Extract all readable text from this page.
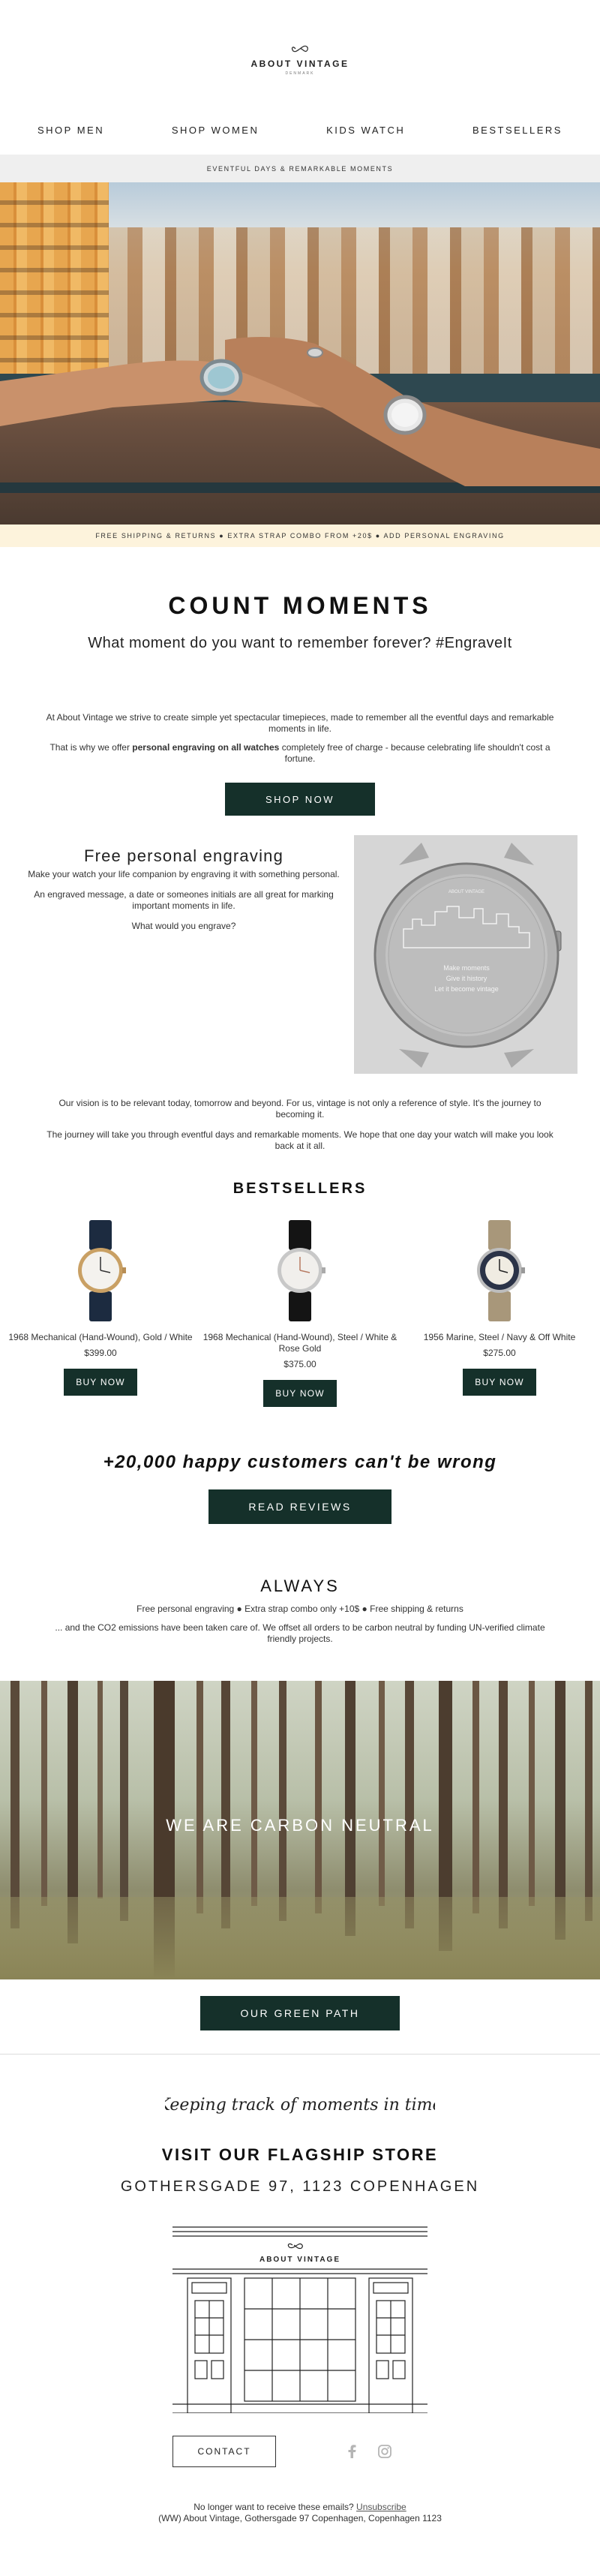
ABOUT VINTAGE
DENMARK
SHOP MEN	SHOP WOMEN	KIDS WATCH	BESTSELLERS
EVENTFUL DAYS & REMARKABLE MOMENTS
FREE SHIPPING & RETURNS ● EXTRA STRAP COMBO FROM +20$ ● ADD PERSONAL ENGRAVING
COUNT MOMENTS
What moment do you want to remember forever? #EngraveIt

At About Vintage we strive to create simple yet spectacular timepieces, made to remember all the eventful days and remarkable moments in life.

That is why we offer personal engraving on all watches completely free of charge - because celebrating life shouldn't cost a fortune.

SHOP NOW
Free personal engraving

Make your watch your life companion by engraving it with something personal.

An engraved message, a date or someones initials are all great for marking important moments in life.

What would you engrave?

ABOUT VINTAGE
Make moments
Give it history
Let it become vintage

Our vision is to be relevant today, tomorrow and beyond. For us, vintage is not only a reference of style. It's the journey to becoming it.

The journey will take you through eventful days and remarkable moments. We hope that one day your watch will make you look back at it all.

BESTSELLERS
1968 Mechanical (Hand-Wound), Gold / White
$399.00
BUY NOW
1968 Mechanical (Hand-Wound), Steel / White & Rose Gold
$375.00
BUY NOW
1956 Marine, Steel / Navy & Off White
$275.00
BUY NOW
+20,000 happy customers can't be wrong
READ REVIEWS
ALWAYS

Free personal engraving ● Extra strap combo only +10$ ● Free shipping & returns

... and the CO2 emissions have been taken care of. We offset all orders to be carbon neutral by funding UN-verified climate friendly projects.

WE ARE CARBON NEUTRAL
OUR GREEN PATH
Keeping track of moments in time
VISIT OUR FLAGSHIP STORE
GOTHERSGADE 97, 1123 COPENHAGEN
ABOUT VINTAGE
CONTACT
No longer want to receive these emails? Unsubscribe
(WW) About Vintage, Gothersgade 97 Copenhagen, Copenhagen 1123
